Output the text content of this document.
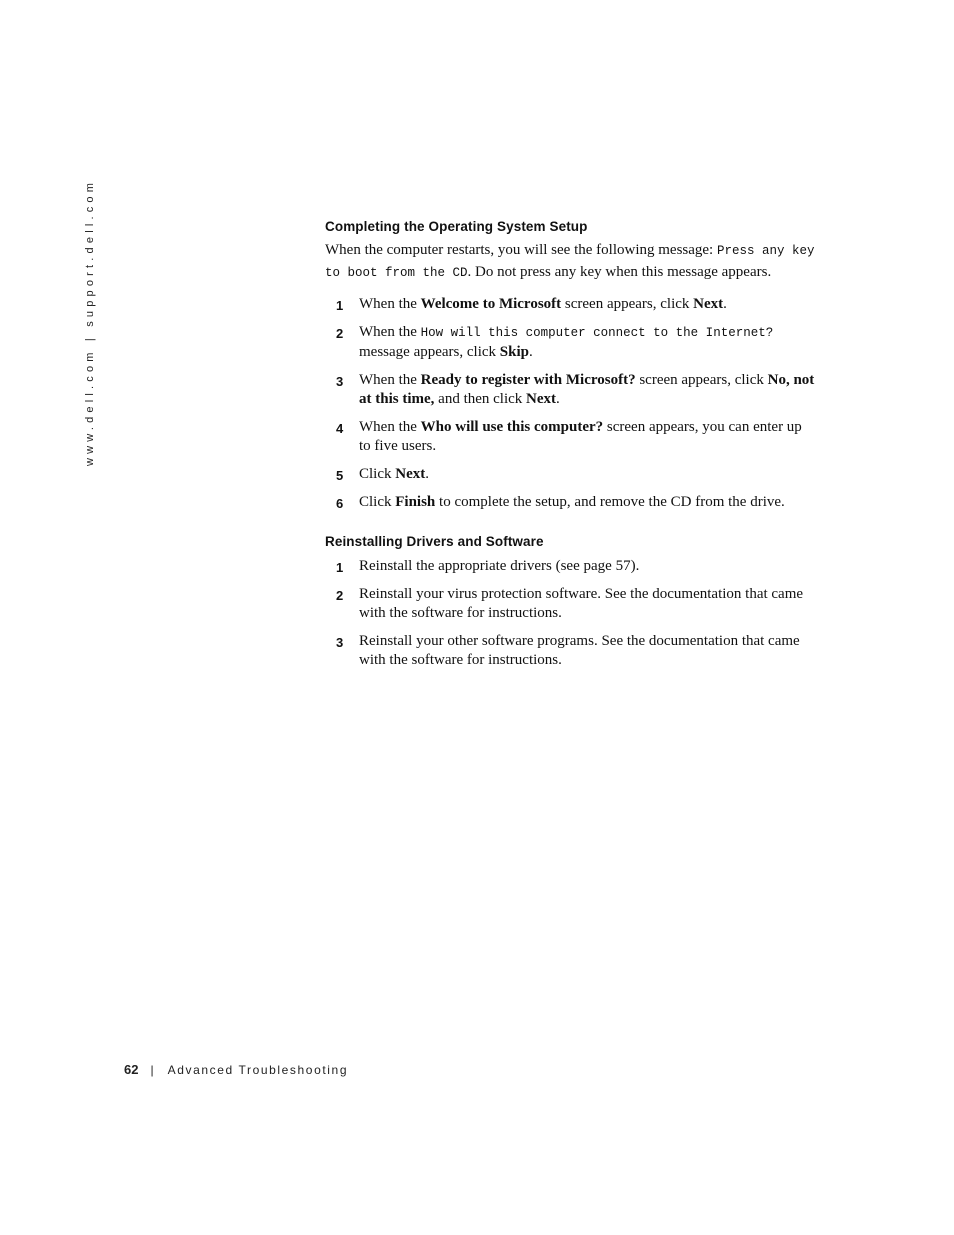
www.dell.com | support.dell.com	Completing the Operating System Setup

When the computer restarts, you will see the following message: Press any key to boot from the CD. Do not press any key when this message appears.

1 When the Welcome to Microsoft screen appears, click Next.
2 When the How will this computer connect to the Internet? message appears, click Skip.
3 When the Ready to register with Microsoft? screen appears, click No, not at this time, and then click Next.
4 When the Who will use this computer? screen appears, you can enter up to five users.
5 Click Next.
6 Click Finish to complete the setup, and remove the CD from the drive.
Reinstalling Drivers and Software
1 Reinstall the appropriate drivers (see page 57).
2 Reinstall your virus protection software. See the documentation that came with the software for instructions.
3 Reinstall your other software programs. See the documentation that came with the software for instructions.
62 | Advanced Troubleshooting
